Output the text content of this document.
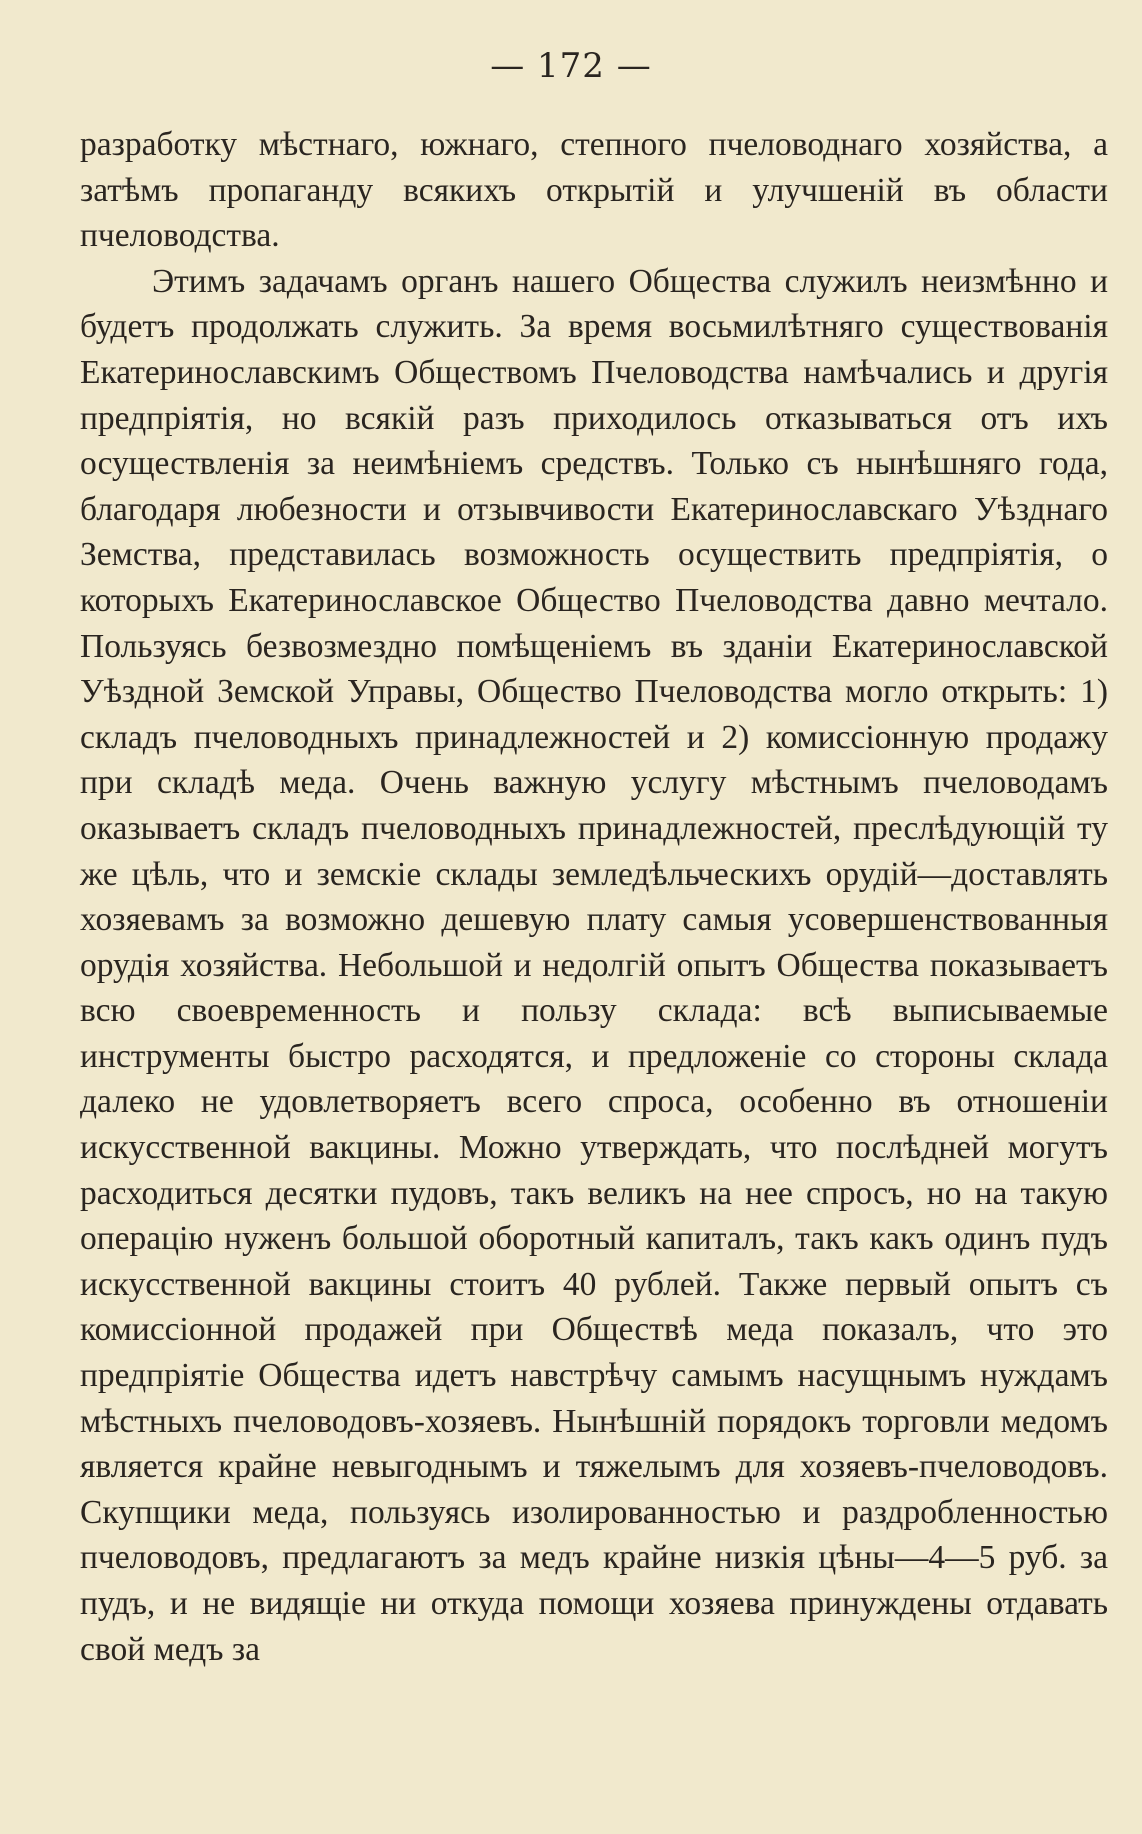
— 172 —

разработку мѣстнаго, южнаго, степного пчеловоднаго хозяйства, а затѣмъ пропаганду всякихъ открытій и улучшеній въ области пчеловодства.

Этимъ задачамъ органъ нашего Общества служилъ неизмѣнно и будетъ продолжать служить. За время восьмилѣтняго существованія Екатеринославскимъ Обществомъ Пчеловодства намѣчались и другія предпріятія, но всякій разъ приходилось отказываться отъ ихъ осуществленія за неимѣніемъ средствъ. Только съ нынѣшняго года, благодаря любезности и отзывчивости Екатеринославскаго Уѣзднаго Земства, представилась возможность осуществить предпріятія, о которыхъ Екатеринославское Общество Пчеловодства давно мечтало. Пользуясь безвозмездно помѣщеніемъ въ зданіи Екатеринославской Уѣздной Земской Управы, Общество Пчеловодства могло открыть: 1) складъ пчеловодныхъ принадлежностей и 2) комиссіонную продажу при складѣ меда. Очень важную услугу мѣстнымъ пчеловодамъ оказываетъ складъ пчеловодныхъ принадлежностей, преслѣдующій ту же цѣль, что и земскіе склады земледѣльческихъ орудій—доставлять хозяевамъ за возможно дешевую плату самыя усовершенствованныя орудія хозяйства. Небольшой и недолгій опытъ Общества показываетъ всю своевременность и пользу склада: всѣ выписываемые инструменты быстро расходятся, и предложеніе со стороны склада далеко не удовлетворяетъ всего спроса, особенно въ отношеніи искусственной вакцины. Можно утверждать, что послѣдней могутъ расходиться десятки пудовъ, такъ великъ на нее спросъ, но на такую операцію нуженъ большой оборотный капиталъ, такъ какъ одинъ пудъ искусственной вакцины стоитъ 40 рублей. Также первый опытъ съ комиссіонной продажей при Обществѣ меда показалъ, что это предпріятіе Общества идетъ навстрѣчу самымъ насущнымъ нуждамъ мѣстныхъ пчеловодовъ-хозяевъ. Нынѣшній порядокъ торговли медомъ является крайне невыгоднымъ и тяжелымъ для хозяевъ-пчеловодовъ. Скупщики меда, пользуясь изолированностью и раздробленностью пчеловодовъ, предлагаютъ за медъ крайне низкія цѣны—4—5 руб. за пудъ, и не видящіе ни откуда помощи хозяева принуждены отдавать свой медъ за
